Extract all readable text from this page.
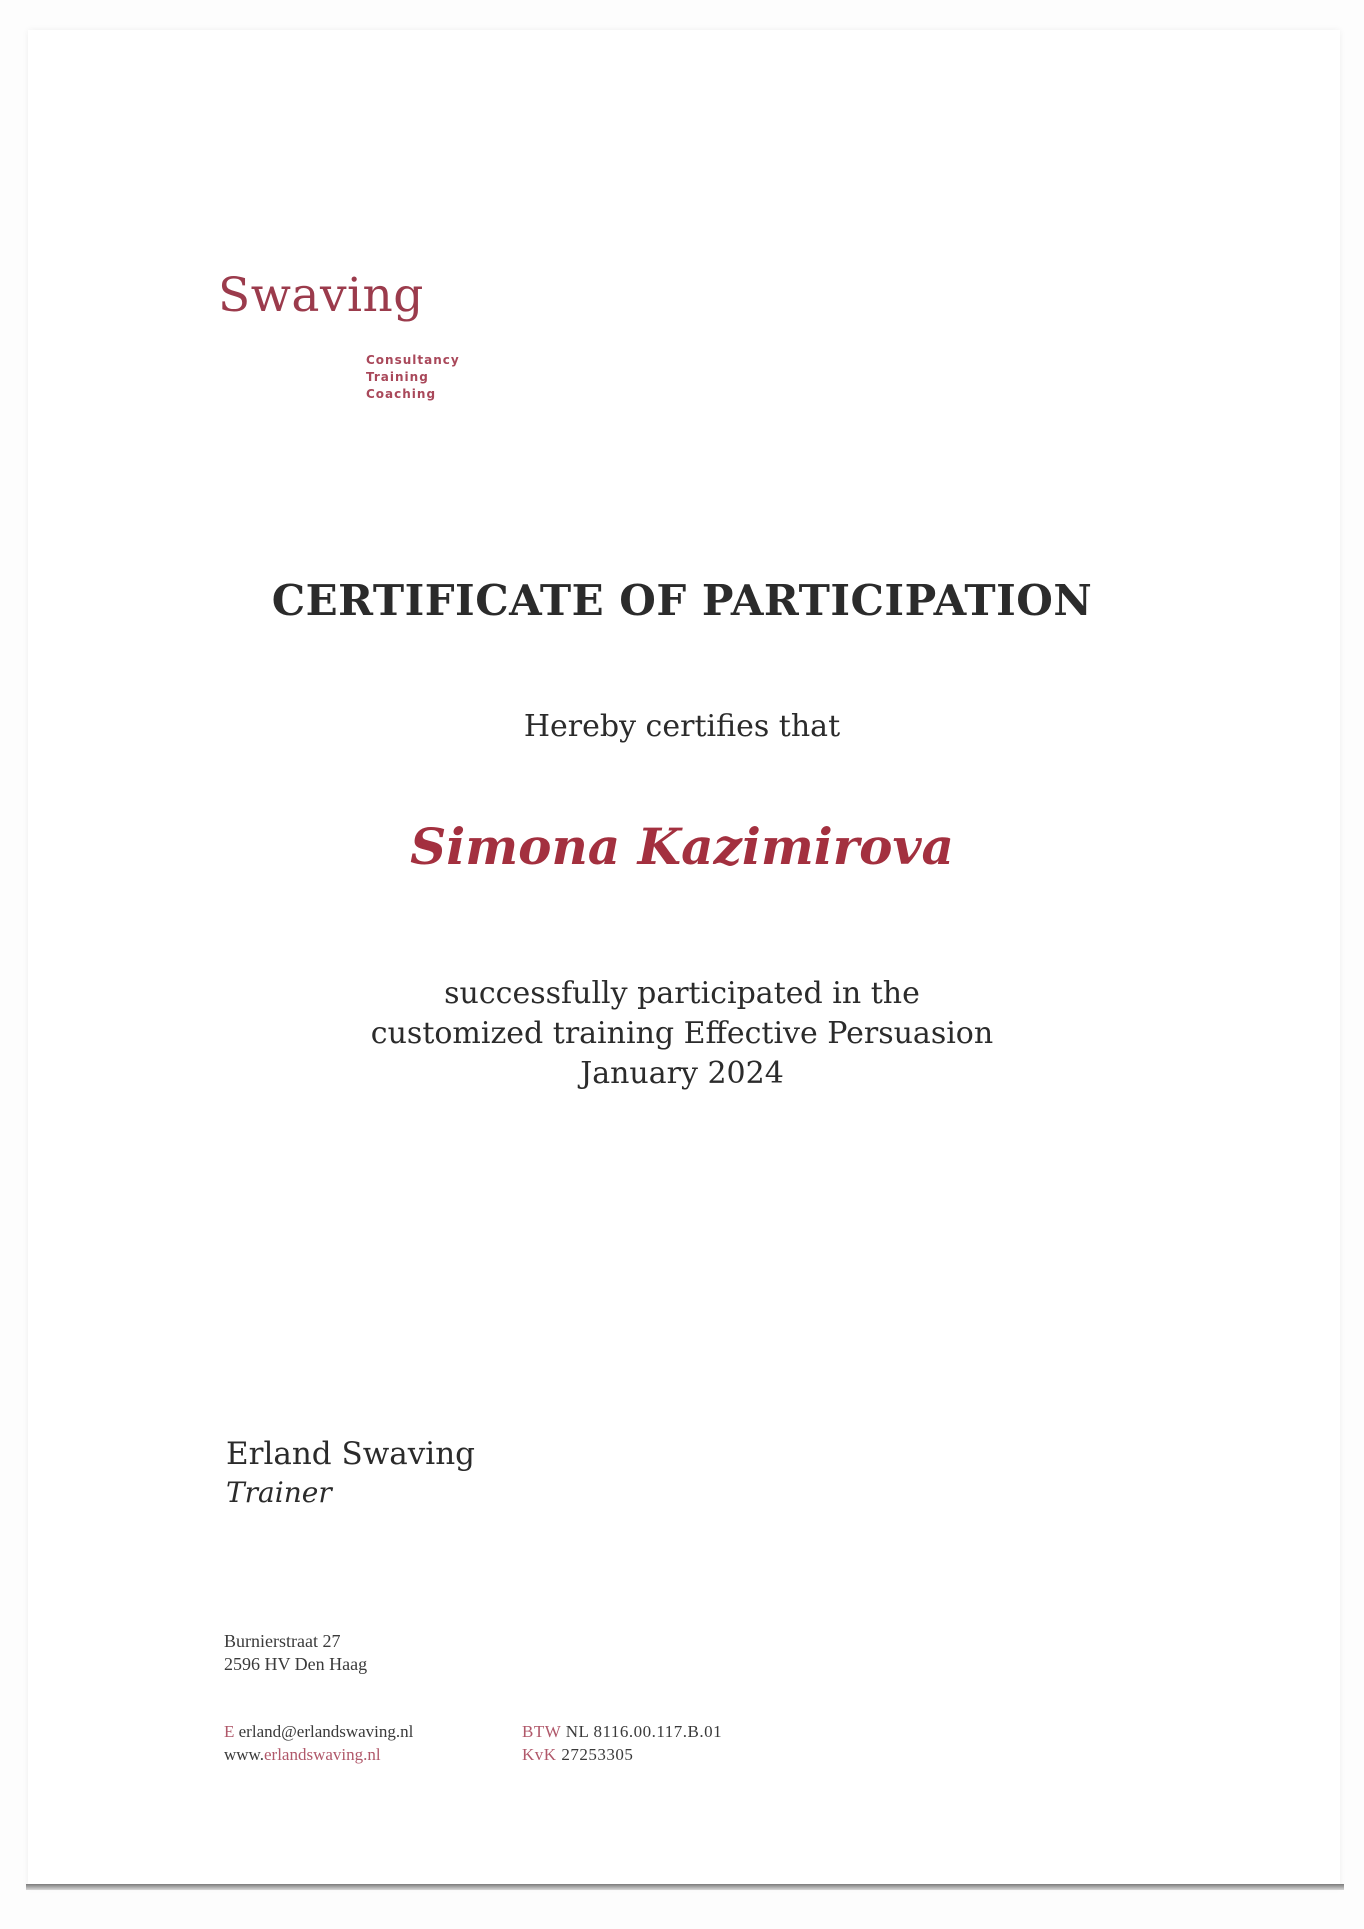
Swaving
Consultancy
Training
Coaching
CERTIFICATE OF PARTICIPATION
Hereby certifies that
Simona Kazimirova
successfully participated in the
customized training Effective Persuasion
January 2024
Erland Swaving
Trainer
Burnierstraat 27
2596 HV Den Haag
E erland@erlandswaving.nl
www.erlandswaving.nl
BTW NL 8116.00.117.B.01
KvK 27253305
